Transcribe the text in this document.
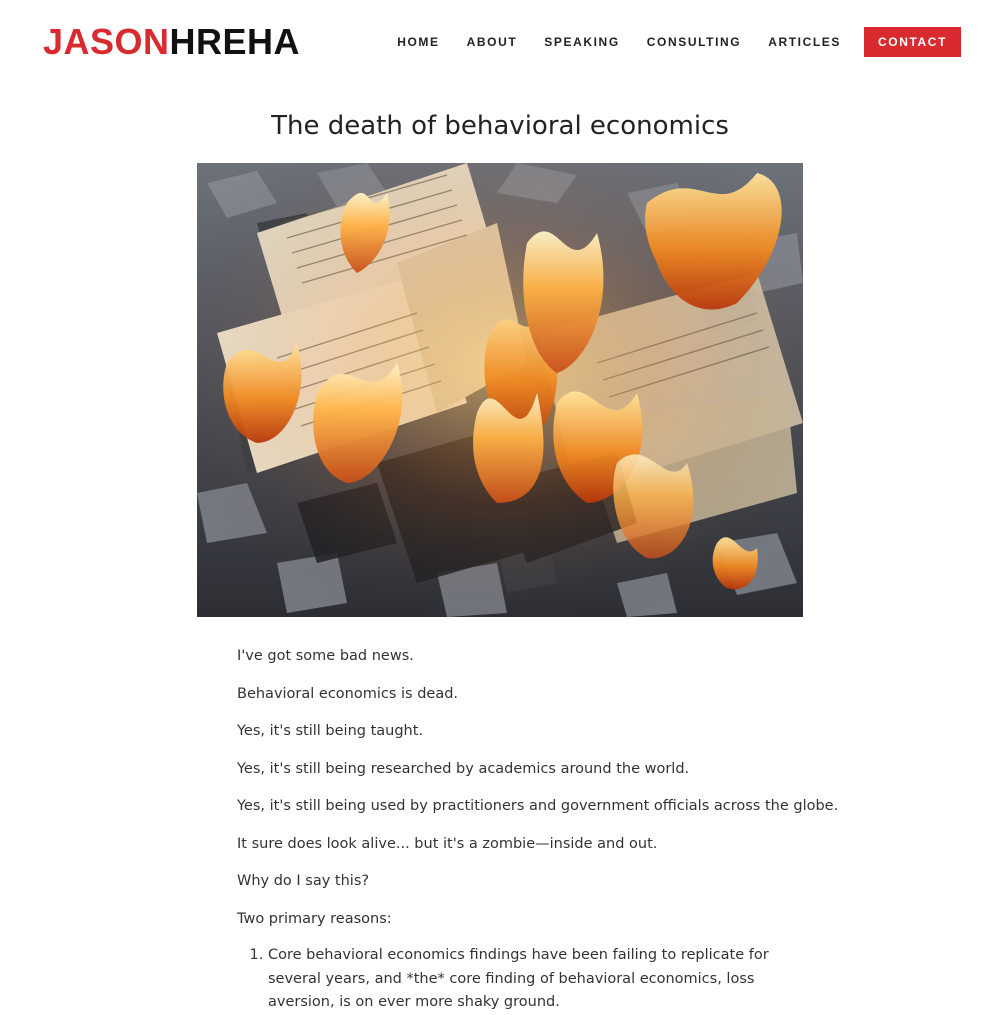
JASONHREHA	HOME ABOUT SPEAKING CONSULTING ARTICLES	CONTACT
The death of behavioral economics

I've got some bad news.

Behavioral economics is dead.

Yes, it's still being taught.

Yes, it's still being researched by academics around the world.

Yes, it's still being used by practitioners and government officials across the globe.

It sure does look alive... but it's a zombie—inside and out.

Why do I say this?

Two primary reasons:

1. Core behavioral economics findings have been failing to replicate for several years, and *the* core finding of behavioral economics, loss aversion, is on ever more shaky ground.
